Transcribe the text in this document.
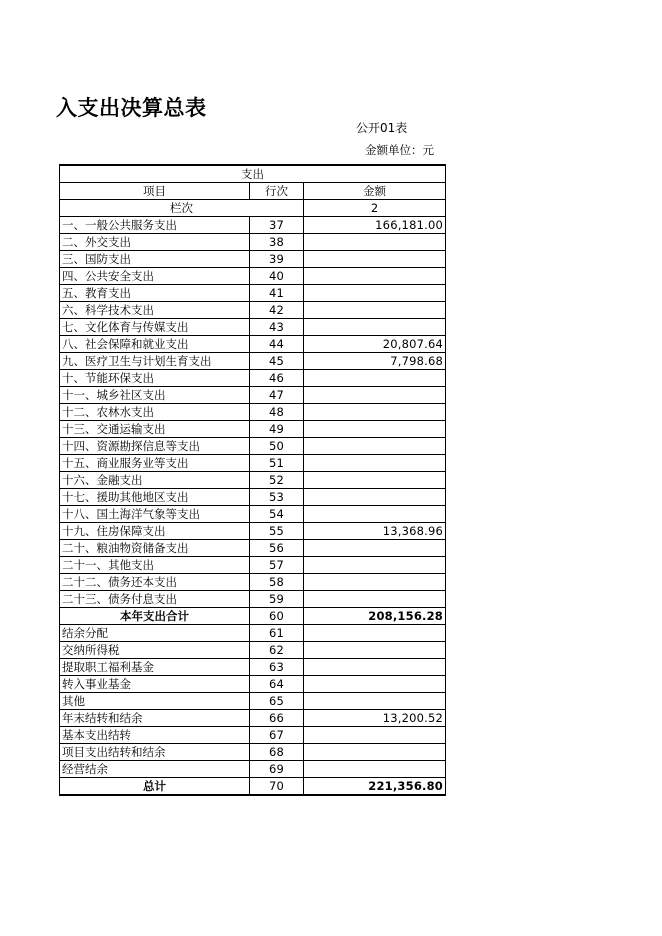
入支出决算总表
公开01表
金额单位：元
支出		
项目	行次	金额
栏次		2
一、一般公共服务支出	37	166,181.00
二、外交支出	38	
三、国防支出	39	
四、公共安全支出	40	
五、教育支出	41	
六、科学技术支出	42	
七、文化体育与传媒支出	43	
八、社会保障和就业支出	44	20,807.64
九、医疗卫生与计划生育支出	45	7,798.68
十、节能环保支出	46	
十一、城乡社区支出	47	
十二、农林水支出	48	
十三、交通运输支出	49	
十四、资源勘探信息等支出	50	
十五、商业服务业等支出	51	
十六、金融支出	52	
十七、援助其他地区支出	53	
十八、国土海洋气象等支出	54	
十九、住房保障支出	55	13,368.96
二十、粮油物资储备支出	56	
二十一、其他支出	57	
二十二、债务还本支出	58	
二十三、债务付息支出	59	
本年支出合计	60	208,156.28
结余分配	61	
交纳所得税	62	
提取职工福利基金	63	
转入事业基金	64	
其他	65	
年末结转和结余	66	13,200.52
基本支出结转	67	
项目支出结转和结余	68	
经营结余	69	
总计	70	221,356.80
